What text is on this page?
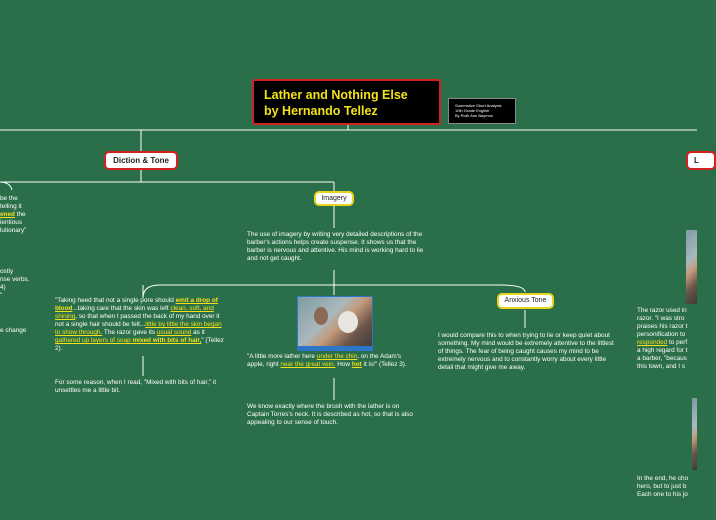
Lather and Nothing Else
by Hernando Tellez	Summative Short Analysis
10th Grade English
By Ruth Ann Baymon
Diction & Tone	L
Imagery
Anxious Tone
be the
telling it
ened the
ientious
lutionary"
ostly
nse verbs.
4)
"
e change
The use of imagery by writing very detailed descriptions of the barber's actions helps create suspense. It shows us that the barber is nervous and attentive. His mind is working hard to lie and not get caught.
"Taking heed that not a single pore should emit a drop of blood...taking care that the skin was left clean, soft, and shining, so that when I passed the back of my hand over it not a single hair should be felt...little by little the skin began to show through. The razor gave its usual sound as it gathered up layers of soap mixed with bits of hair," (Tellez 2).
For some reason, when I read, "Mixed with bits of hair," it unsettles me a little bit.
"A little more lather here under the chin, on the Adam's apple, right near the great vein. How hot it is!" (Tellez 3).
We know exactly where the brush with the lather is on Captain Torres's neck. It is described as hot, so that is also appealing to our sense of touch.
I would compare this to when trying to lie or keep quiet about something. My mind would be extremely attentive to the littlest of things. The fear of being caught causes my mind to be extremely nervous and to constantly worry about every little detail that might give me away.
The razor used in
razor. "I was stro
praises his razor t
personification to
responded to perf
a high regard for t
a barber, "becaus
this town, and I s
In the end, he cho
hero, but to just b
Each one to his jo
